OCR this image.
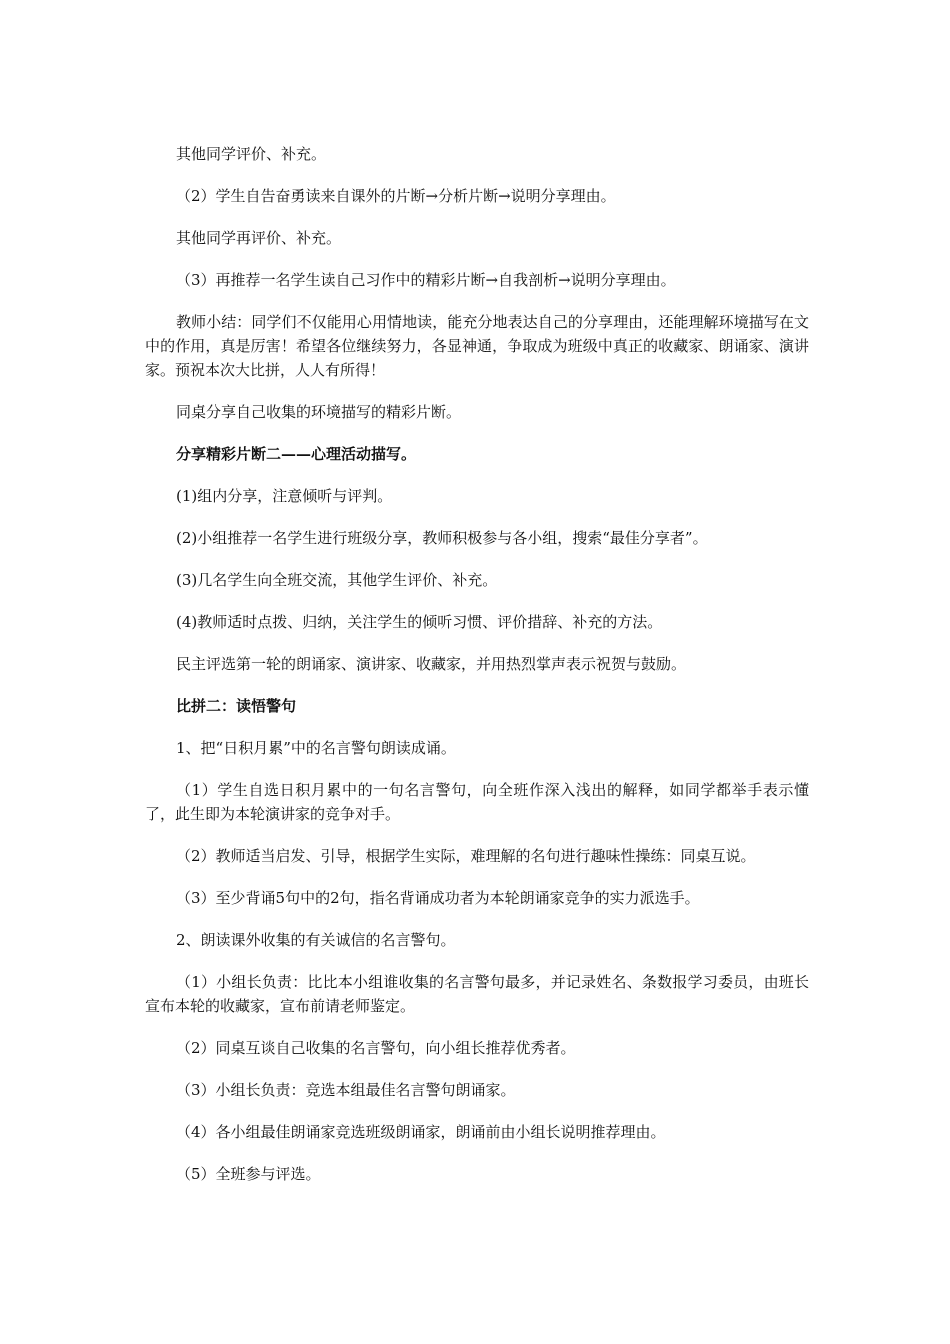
其他同学评价、补充。

（2）学生自告奋勇读来自课外的片断→分析片断→说明分享理由。

其他同学再评价、补充。

（3）再推荐一名学生读自己习作中的精彩片断→自我剖析→说明分享理由。

教师小结：同学们不仅能用心用情地读，能充分地表达自己的分享理由，还能理解环境描写在文中的作用，真是厉害！希望各位继续努力，各显神通，争取成为班级中真正的收藏家、朗诵家、演讲家。预祝本次大比拼，人人有所得！

同桌分享自己收集的环境描写的精彩片断。

分享精彩片断二——心理活动描写。

(1)组内分享，注意倾听与评判。

(2)小组推荐一名学生进行班级分享，教师积极参与各小组，搜索“最佳分享者”。

(3)几名学生向全班交流，其他学生评价、补充。

(4)教师适时点拨、归纳，关注学生的倾听习惯、评价措辞、补充的方法。

民主评选第一轮的朗诵家、演讲家、收藏家，并用热烈掌声表示祝贺与鼓励。

比拼二：读悟警句

1、把“日积月累”中的名言警句朗读成诵。

（1）学生自选日积月累中的一句名言警句，向全班作深入浅出的解释，如同学都举手表示懂了，此生即为本轮演讲家的竞争对手。

（2）教师适当启发、引导，根据学生实际，难理解的名句进行趣味性操练：同桌互说。

（3）至少背诵5句中的2句，指名背诵成功者为本轮朗诵家竞争的实力派选手。

2、朗读课外收集的有关诚信的名言警句。

（1）小组长负责：比比本小组谁收集的名言警句最多，并记录姓名、条数报学习委员，由班长宣布本轮的收藏家，宣布前请老师鉴定。

（2）同桌互谈自己收集的名言警句，向小组长推荐优秀者。

（3）小组长负责：竞选本组最佳名言警句朗诵家。

（4）各小组最佳朗诵家竞选班级朗诵家，朗诵前由小组长说明推荐理由。

（5）全班参与评选。
